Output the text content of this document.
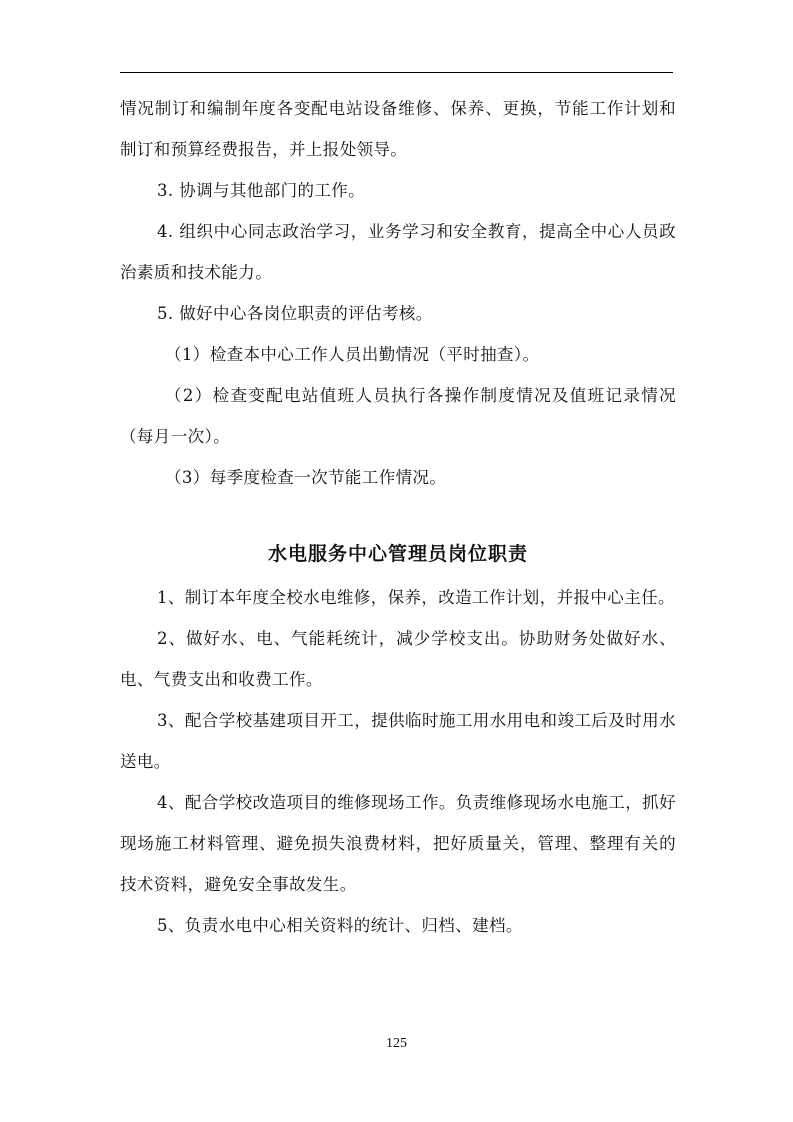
情况制订和编制年度各变配电站设备维修、保养、更换，节能工作计划和制订和预算经费报告，并上报处领导。

3. 协调与其他部门的工作。

4. 组织中心同志政治学习，业务学习和安全教育，提高全中心人员政治素质和技术能力。

5. 做好中心各岗位职责的评估考核。

（1）检查本中心工作人员出勤情况（平时抽查）。

（2）检查变配电站值班人员执行各操作制度情况及值班记录情况（每月一次）。

（3）每季度检查一次节能工作情况。

水电服务中心管理员岗位职责

1、制订本年度全校水电维修，保养，改造工作计划，并报中心主任。

2、做好水、电、气能耗统计，减少学校支出。协助财务处做好水、电、气费支出和收费工作。

3、配合学校基建项目开工，提供临时施工用水用电和竣工后及时用水送电。

4、配合学校改造项目的维修现场工作。负责维修现场水电施工，抓好现场施工材料管理、避免损失浪费材料，把好质量关，管理、整理有关的技术资料，避免安全事故发生。

5、负责水电中心相关资料的统计、归档、建档。

125
